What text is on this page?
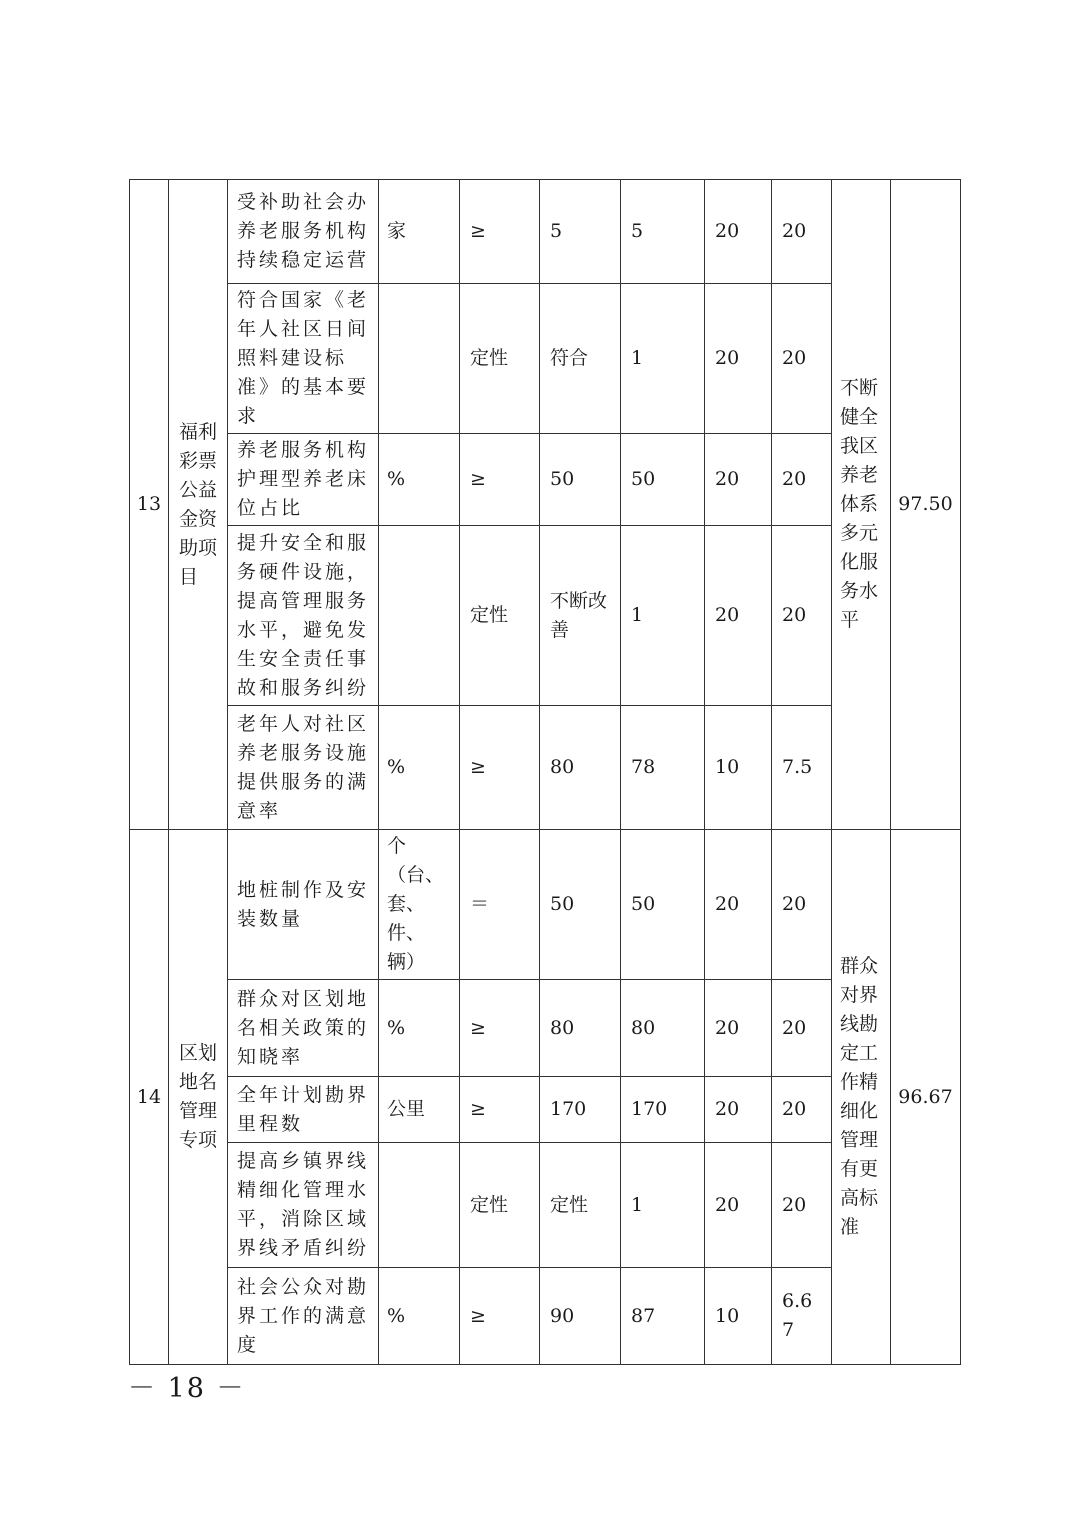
13	福利彩票公益金资助项目	受补助社会办养老服务机构持续稳定运营	家	≥	5	5	20	20	不断健全我区养老体系多元化服务水平	97.50
		符合国家《老年人社区日间照料建设标准》的基本要求		定性	符合	1	20	20		
		养老服务机构护理型养老床位占比	%	≥	50	50	20	20		
		提升安全和服务硬件设施，提高管理服务水平，避免发生安全责任事故和服务纠纷		定性	不断改善	1	20	20		
		老年人对社区养老服务设施提供服务的满意率	%	≥	80	78	10	7.5		
14	区划地名管理专项	地桩制作及安装数量	个（台、套、件、辆）	＝	50	50	20	20	群众对界线勘定工作精细化管理有更高标准	96.67
		群众对区划地名相关政策的知晓率	%	≥	80	80	20	20		
		全年计划勘界里程数	公里	≥	170	170	20	20		
		提高乡镇界线精细化管理水平，消除区域界线矛盾纠纷		定性	定性	1	20	20		
		社会公众对勘界工作的满意度	%	≥	90	87	10	6.67		
－ 18 －
